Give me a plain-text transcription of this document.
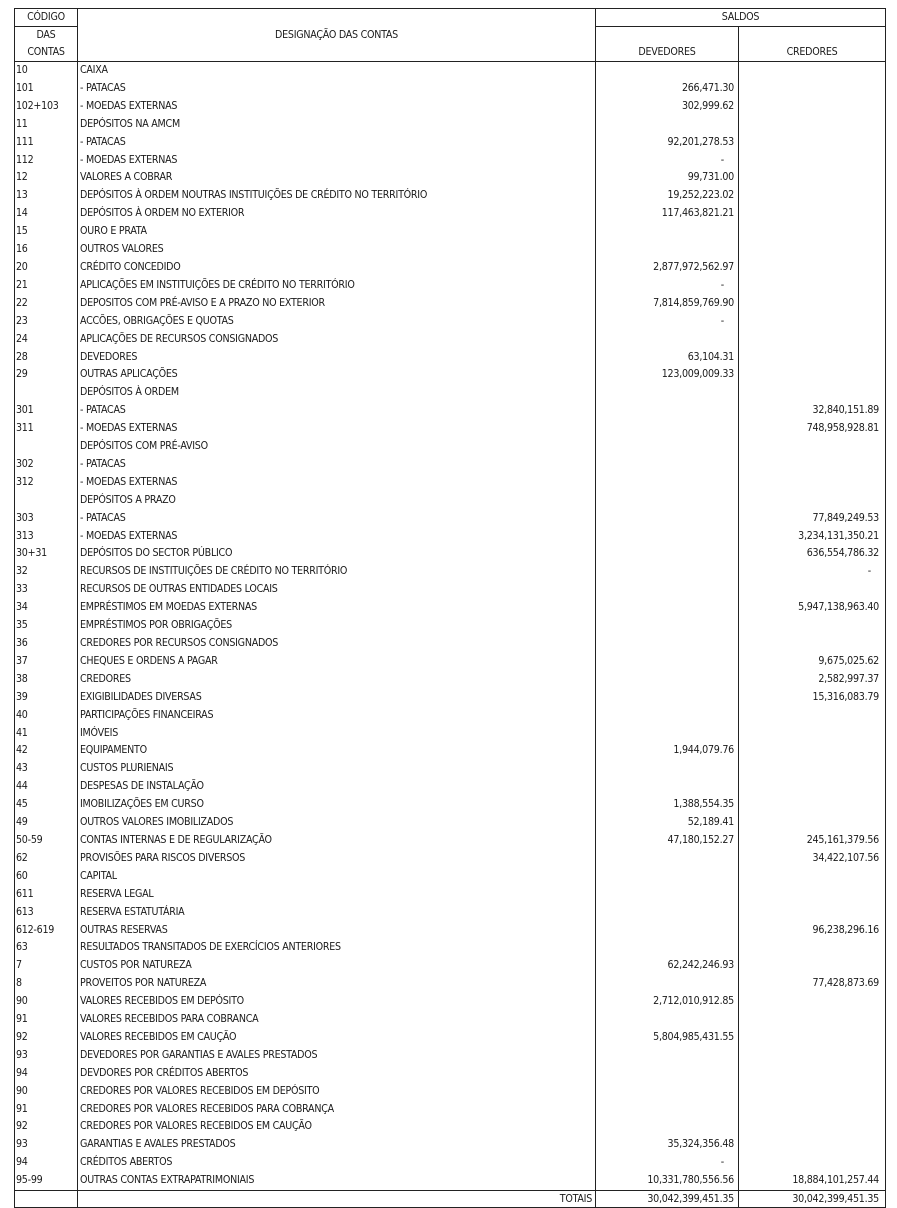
CÓDIGO	DESIGNAÇÃO DAS CONTAS	SALDOS	
DAS		DEVEDORES	CREDORES
CONTAS			
10	CAIXA		
101	- PATACAS	266,471.30	
102+103	- MOEDAS EXTERNAS	302,999.62	
11	DEPÓSITOS NA AMCM		
111	- PATACAS	92,201,278.53	
112	- MOEDAS EXTERNAS	-	
12	VALORES A COBRAR	99,731.00	
13	DEPÓSITOS À ORDEM NOUTRAS INSTITUIÇÕES DE CRÉDITO NO TERRITÓRIO	19,252,223.02	
14	DEPÓSITOS À ORDEM NO EXTERIOR	117,463,821.21	
15	OURO E PRATA		
16	OUTROS VALORES		
20	CRÉDITO CONCEDIDO	2,877,972,562.97	
21	APLICAÇÕES EM INSTITUIÇÕES DE CRÉDITO NO TERRITÓRIO	-	
22	DEPOSITOS COM PRÉ-AVISO E A PRAZO NO EXTERIOR	7,814,859,769.90	
23	ACCÕES, OBRIGAÇÕES E QUOTAS	-	
24	APLICAÇÕES DE RECURSOS CONSIGNADOS		
28	DEVEDORES	63,104.31	
29	OUTRAS APLICAÇÕES	123,009,009.33	
	DEPÓSITOS À ORDEM		
301	- PATACAS		32,840,151.89
311	- MOEDAS EXTERNAS		748,958,928.81
	DEPÓSITOS COM PRÉ-AVISO		
302	- PATACAS		
312	- MOEDAS EXTERNAS		
	DEPÓSITOS A PRAZO		
303	- PATACAS		77,849,249.53
313	- MOEDAS EXTERNAS		3,234,131,350.21
30+31	DEPÓSITOS DO SECTOR PÚBLICO		636,554,786.32
32	RECURSOS DE INSTITUIÇÕES DE CRÉDITO NO TERRITÓRIO		-
33	RECURSOS DE OUTRAS ENTIDADES LOCAIS		
34	EMPRÉSTIMOS EM MOEDAS EXTERNAS		5,947,138,963.40
35	EMPRÉSTIMOS POR OBRIGAÇÕES		
36	CREDORES POR RECURSOS CONSIGNADOS		
37	CHEQUES E ORDENS A PAGAR		9,675,025.62
38	CREDORES		2,582,997.37
39	EXIGIBILIDADES DIVERSAS		15,316,083.79
40	PARTICIPAÇÕES FINANCEIRAS		
41	IMÓVEIS		
42	EQUIPAMENTO	1,944,079.76	
43	CUSTOS PLURIENAIS		
44	DESPESAS DE INSTALAÇÃO		
45	IMOBILIZAÇÕES EM CURSO	1,388,554.35	
49	OUTROS VALORES IMOBILIZADOS	52,189.41	
50-59	CONTAS INTERNAS E DE REGULARIZAÇÃO	47,180,152.27	245,161,379.56
62	PROVISÕES PARA RISCOS DIVERSOS		34,422,107.56
60	CAPITAL		
611	RESERVA LEGAL		
613	RESERVA ESTATUTÁRIA		
612-619	OUTRAS RESERVAS		96,238,296.16
63	RESULTADOS TRANSITADOS DE EXERCÍCIOS ANTERIORES		
7	CUSTOS POR NATUREZA	62,242,246.93	
8	PROVEITOS POR NATUREZA		77,428,873.69
90	VALORES RECEBIDOS EM DEPÓSITO	2,712,010,912.85	
91	VALORES RECEBIDOS PARA COBRANCA		
92	VALORES RECEBIDOS EM CAUÇÃO	5,804,985,431.55	
93	DEVEDORES POR GARANTIAS E AVALES PRESTADOS		
94	DEVDORES POR CRÉDITOS ABERTOS		
90	CREDORES POR VALORES RECEBIDOS EM DEPÓSITO		
91	CREDORES POR VALORES RECEBIDOS PARA COBRANÇA		
92	CREDORES POR VALORES RECEBIDOS EM CAUÇÃO		
93	GARANTIAS E AVALES PRESTADOS	35,324,356.48	
94	CRÉDITOS ABERTOS	-	
95-99	OUTRAS CONTAS EXTRAPATRIMONIAIS	10,331,780,556.56	18,884,101,257.44
	TOTAIS	30,042,399,451.35	30,042,399,451.35
